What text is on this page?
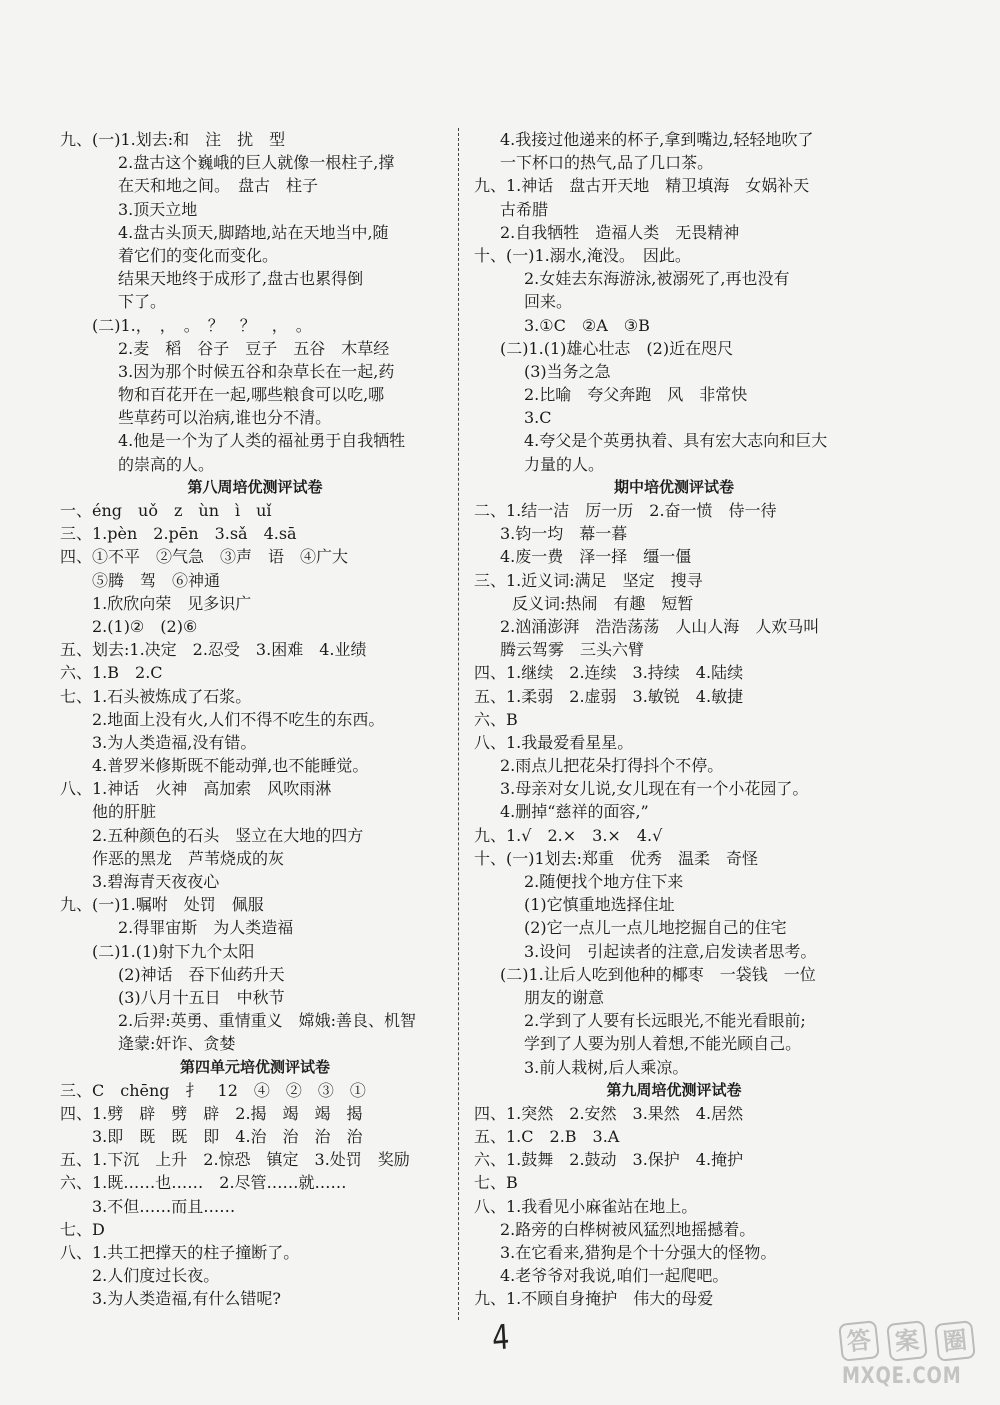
九、(一)1.划去:和　注　扰　型
2.盘古这个巍峨的巨人就像一根柱子,撑
在天和地之间。　盘古　柱子
3.顶天立地
4.盘古头顶天,脚踏地,站在天地当中,随
着它们的变化而变化。
结果天地终于成形了,盘古也累得倒
下了。
(二)1.，　，　。　？　？　，　。
2.麦　稻　谷子　豆子　五谷　木草经
3.因为那个时候五谷和杂草长在一起,药
物和百花开在一起,哪些粮食可以吃,哪
些草药可以治病,谁也分不清。
4.他是一个为了人类的福祉勇于自我牺牲
的崇高的人。
第八周培优测评试卷
一、éng　uǒ　z　ùn　ì　uǐ
三、1.pèn　2.pēn　3.sǎ　4.sā
四、①不平　②气急　③声　语　④广大
⑤腾　驾　⑥神通
1.欣欣向荣　见多识广
2.(1)②　(2)⑥
五、划去:1.决定　2.忍受　3.困难　4.业绩
六、1.B　2.C
七、1.石头被炼成了石浆。
2.地面上没有火,人们不得不吃生的东西。
3.为人类造福,没有错。
4.普罗米修斯既不能动弹,也不能睡觉。
八、1.神话　火神　高加索　风吹雨淋
他的肝脏
2.五种颜色的石头　竖立在大地的四方
作恶的黑龙　芦苇烧成的灰
3.碧海青天夜夜心
九、(一)1.嘱咐　处罚　佩服
2.得罪宙斯　为人类造福
(二)1.(1)射下九个太阳
(2)神话　吞下仙药升天
(3)八月十五日　中秋节
2.后羿:英勇、重情重义　嫦娥:善良、机智
逄蒙:奸诈、贪婪
第四单元培优测评试卷
三、C　chēng　扌　12　④　②　③　①
四、1.劈　辟　劈　辟　2.揭　竭　竭　揭
3.即　既　既　即　4.治　治　治　治
五、1.下沉　上升　2.惊恐　镇定　3.处罚　奖励
六、1.既……也……　2.尽管……就……
3.不但……而且……
七、D
八、1.共工把撑天的柱子撞断了。
2.人们度过长夜。
3.为人类造福,有什么错呢?
4.我接过他递来的杯子,拿到嘴边,轻轻地吹了
一下杯口的热气,品了几口茶。
九、1.神话　盘古开天地　精卫填海　女娲补天
古希腊
2.自我牺牲　造福人类　无畏精神
十、(一)1.溺水,淹没。　因此。
2.女娃去东海游泳,被溺死了,再也没有
回来。
3.①C　②A　③B
(二)1.(1)雄心壮志　(2)近在咫尺
(3)当务之急
2.比喻　夸父奔跑　风　非常快
3.C
4.夸父是个英勇执着、具有宏大志向和巨大
力量的人。
期中培优测评试卷
二、1.结一洁　厉一历　2.奋一愤　侍一待
3.钧一均　幕一暮
4.废一费　泽一择　缰一僵
三、1.近义词:满足　坚定　搜寻
反义词:热闹　有趣　短暂
2.汹涌澎湃　浩浩荡荡　人山人海　人欢马叫
腾云驾雾　三头六臂
四、1.继续　2.连续　3.持续　4.陆续
五、1.柔弱　2.虚弱　3.敏锐　4.敏捷
六、B
八、1.我最爱看星星。
2.雨点儿把花朵打得抖个不停。
3.母亲对女儿说,女儿现在有一个小花园了。
4.删掉“慈祥的面容,”
九、1.√　2.×　3.×　4.√
十、(一)1划去:郑重　优秀　温柔　奇怪
2.随便找个地方住下来
(1)它慎重地选择住址
(2)它一点儿一点儿地挖掘自己的住宅
3.设问　引起读者的注意,启发读者思考。
(二)1.让后人吃到他种的椰枣　一袋钱　一位
朋友的谢意
2.学到了人要有长远眼光,不能光看眼前;
学到了人要为别人着想,不能光顾自己。
3.前人栽树,后人乘凉。
第九周培优测评试卷
四、1.突然　2.安然　3.果然　4.居然
五、1.C　2.B　3.A
六、1.鼓舞　2.鼓动　3.保护　4.掩护
七、B
八、1.我看见小麻雀站在地上。
2.路旁的白桦树被风猛烈地摇撼着。
3.在它看来,猎狗是个十分强大的怪物。
4.老爷爷对我说,咱们一起爬吧。
九、1.不顾自身掩护　伟大的母爱
4	答 案 圈
MXQE.COM
